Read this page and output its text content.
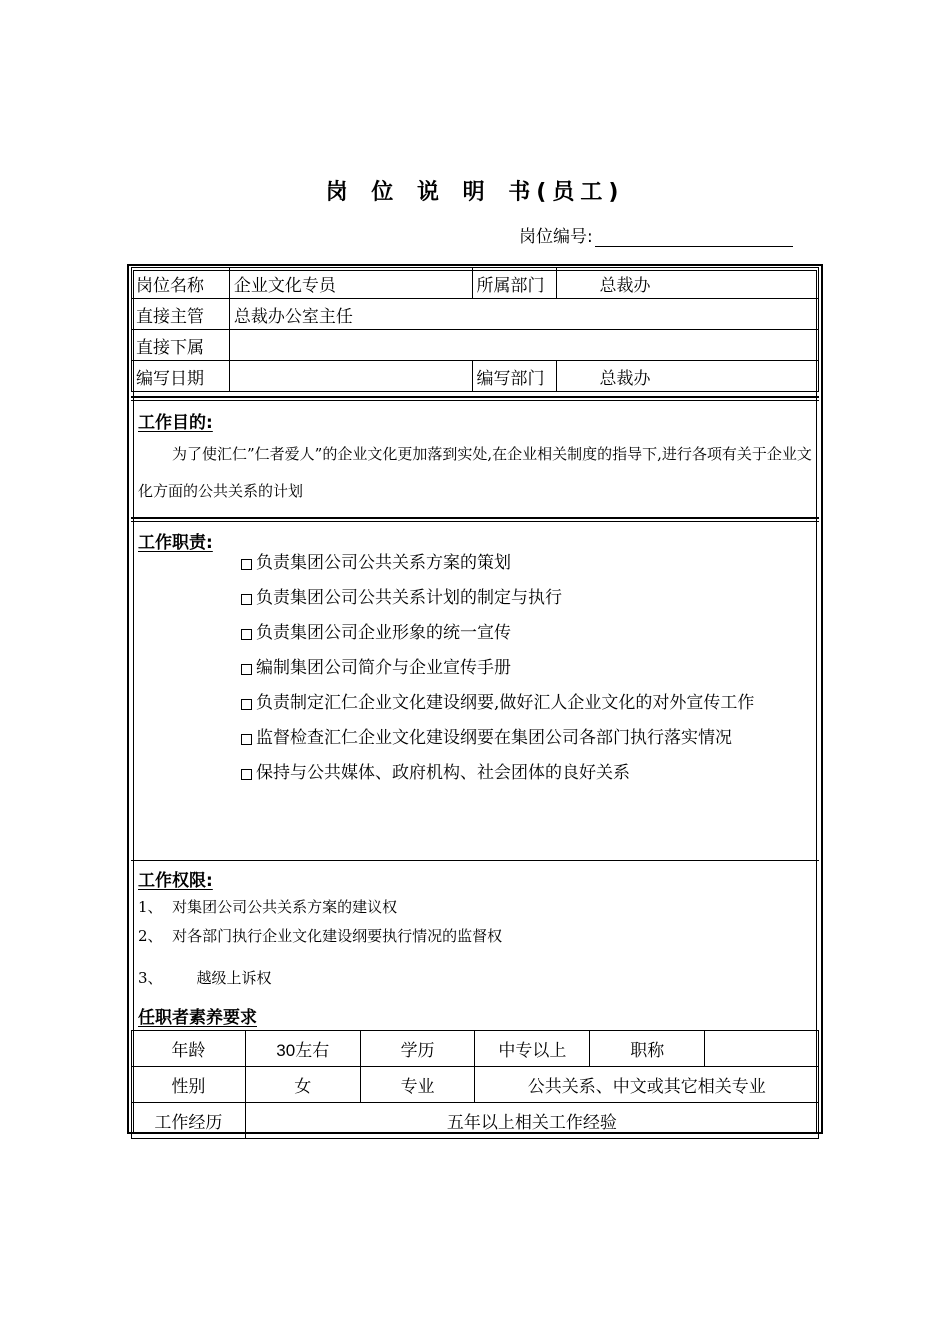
岗 位 说 明 书(员工)
岗位编号:
岗位名称	企业文化专员	所属部门	总裁办
直接主管	总裁办公室主任		
直接下属			
编写日期		编写部门	总裁办
工作目的:
为了使汇仁”仁者爱人”的企业文化更加落到实处,在企业相关制度的指导下,进行各项有关于企业文化方面的公共关系的计划
工作职责:
负责集团公司公共关系方案的策划
负责集团公司公共关系计划的制定与执行
负责集团公司企业形象的统一宣传
编制集团公司简介与企业宣传手册
负责制定汇仁企业文化建设纲要,做好汇人企业文化的对外宣传工作
监督检查汇仁企业文化建设纲要在集团公司各部门执行落实情况
保持与公共媒体、政府机构、社会团体的良好关系
工作权限:
1、 对集团公司公共关系方案的建议权
2、 对各部门执行企业文化建设纲要执行情况的监督权
3、 越级上诉权
任职者素养要求
年龄	30左右	学历	中专以上	职称	
性别	女	专业	公共关系、中文或其它相关专业		
工作经历	五年以上相关工作经验				
